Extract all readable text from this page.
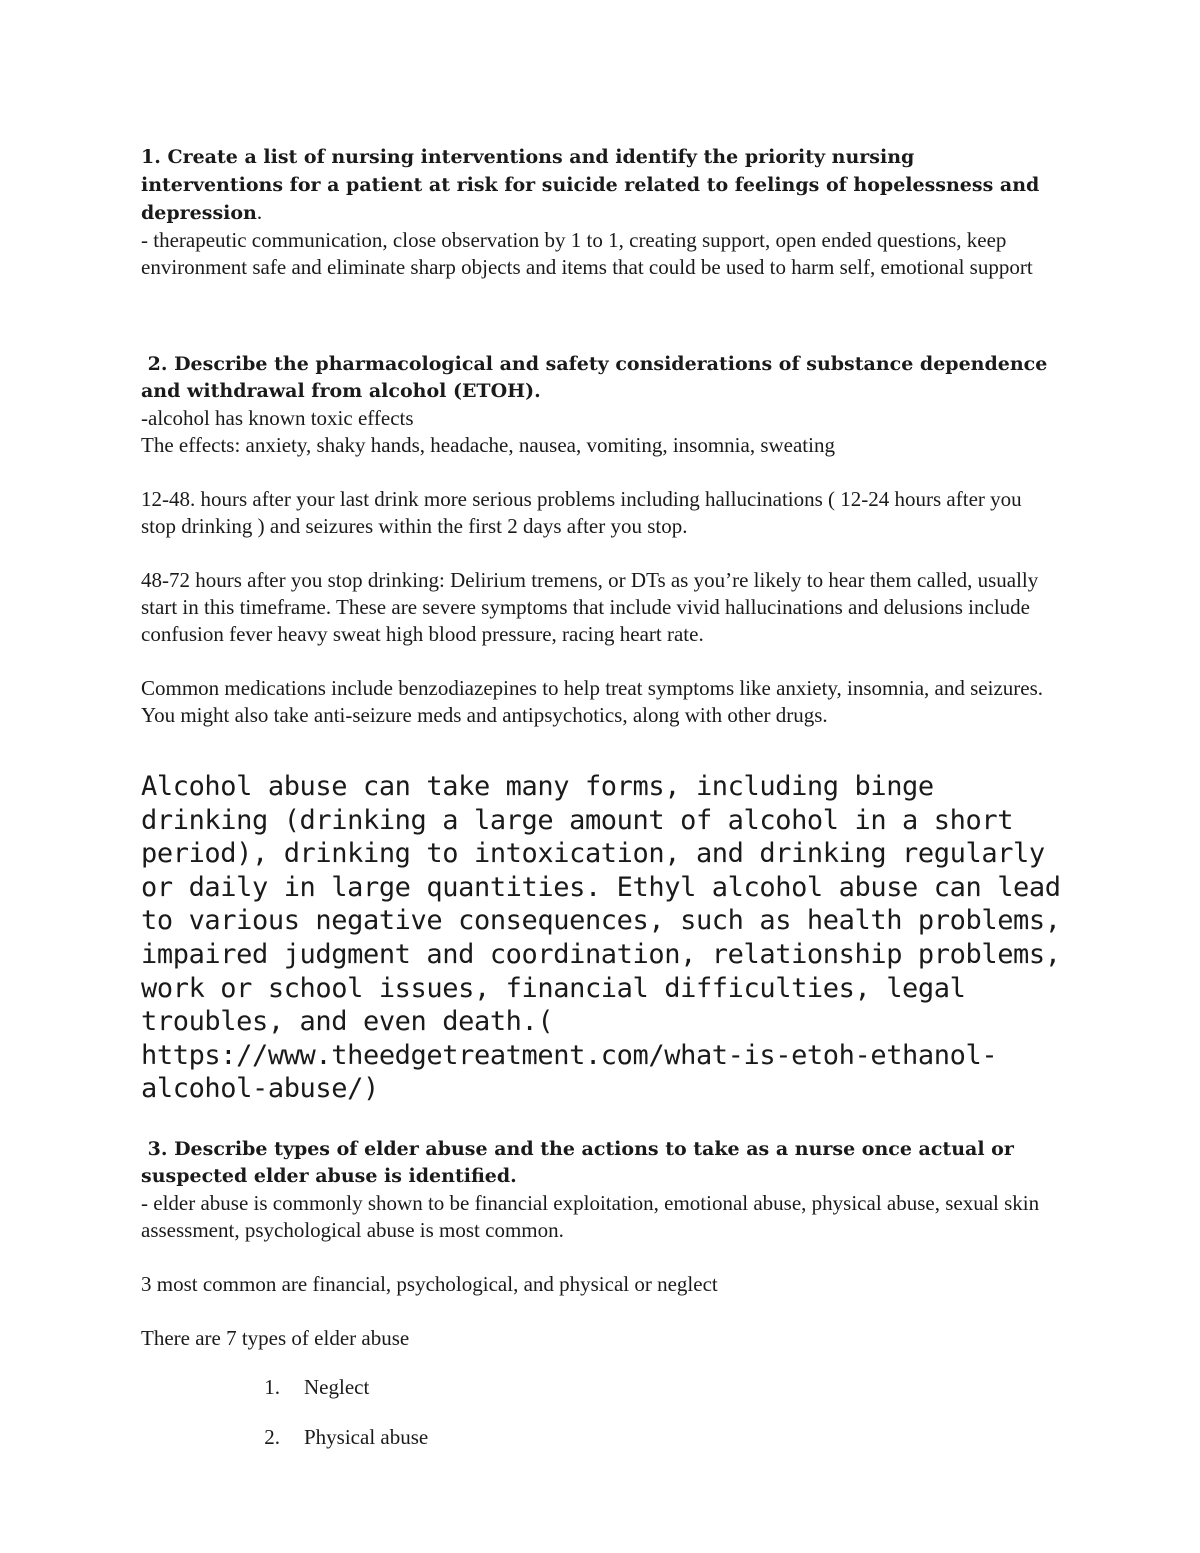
1. Create a list of nursing interventions and identify the priority nursing interventions for a patient at risk for suicide related to feelings of hopelessness and depression.

- therapeutic communication, close observation by 1 to 1, creating support, open ended questions, keep environment safe and eliminate sharp objects and items that could be used to harm self, emotional support

2. Describe the pharmacological and safety considerations of substance dependence and withdrawal from alcohol (ETOH).

-alcohol has known toxic effects

The effects: anxiety, shaky hands, headache, nausea, vomiting, insomnia, sweating

12-48. hours after your last drink more serious problems including hallucinations ( 12-24 hours after you stop drinking ) and seizures within the first 2 days after you stop.

48-72 hours after you stop drinking: Delirium tremens, or DTs as you’re likely to hear them called, usually start in this timeframe. These are severe symptoms that include vivid hallucinations and delusions include confusion fever heavy sweat high blood pressure, racing heart rate.

Common medications include benzodiazepines to help treat symptoms like anxiety, insomnia, and seizures. You might also take anti-seizure meds and antipsychotics, along with other drugs.

Alcohol abuse can take many forms, including binge drinking (drinking a large amount of alcohol in a short period), drinking to intoxication, and drinking regularly or daily in large quantities. Ethyl alcohol abuse can lead to various negative consequences, such as health problems, impaired judgment and coordination, relationship problems, work or school issues, financial difficulties, legal troubles, and even death.( https://www.theedgetreatment.com/what-is-etoh-ethanol-alcohol-abuse/)

3. Describe types of elder abuse and the actions to take as a nurse once actual or suspected elder abuse is identified.

- elder abuse is commonly shown to be financial exploitation, emotional abuse, physical abuse, sexual skin assessment, psychological abuse is most common.

3 most common are financial, psychological, and physical or neglect

There are 7 types of elder abuse

1.	Neglect
2.	Physical abuse
